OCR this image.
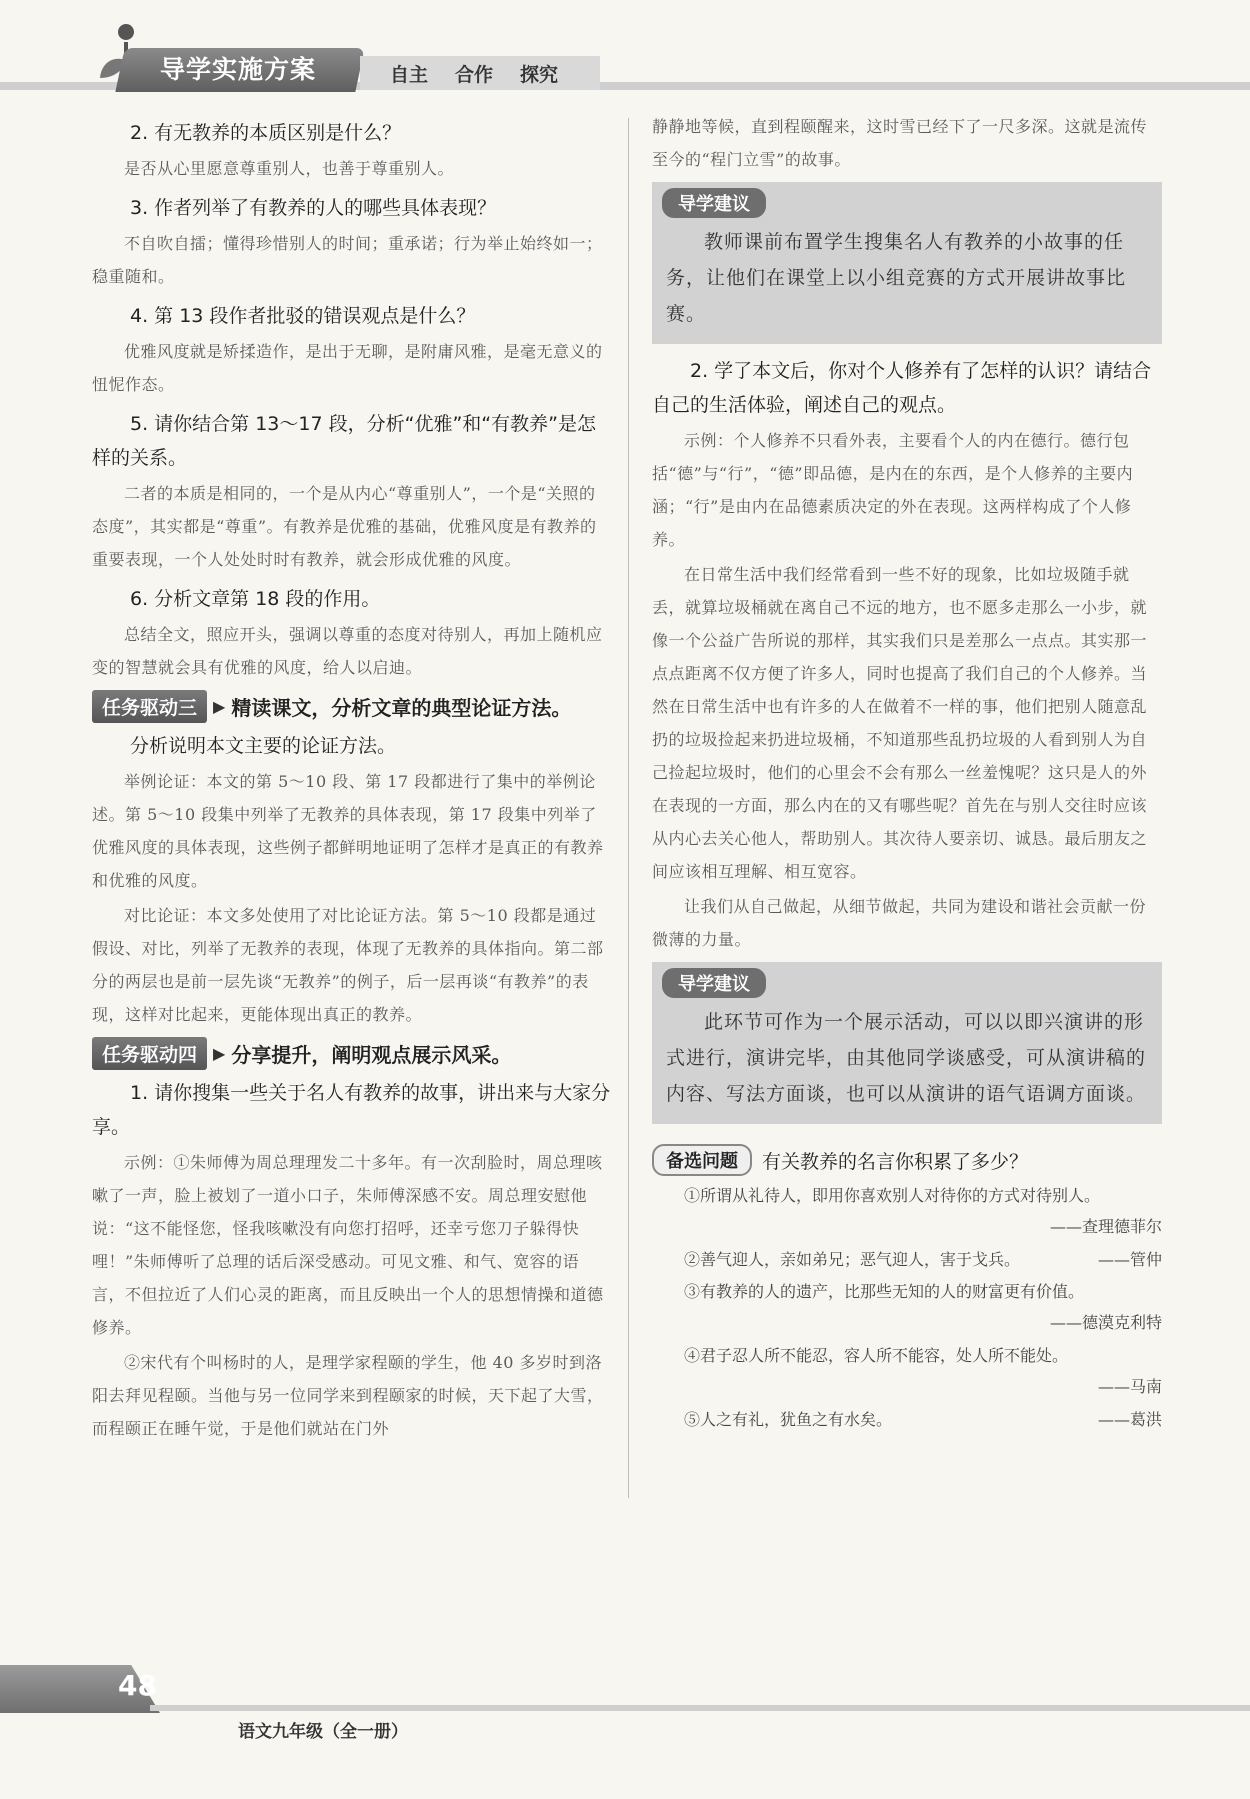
导学实施方案	自主 合作 探究

2. 有无教养的本质区别是什么？

是否从心里愿意尊重别人，也善于尊重别人。

3. 作者列举了有教养的人的哪些具体表现？

不自吹自擂；懂得珍惜别人的时间；重承诺；行为举止始终如一；稳重随和。

4. 第 13 段作者批驳的错误观点是什么？

优雅风度就是矫揉造作，是出于无聊，是附庸风雅，是毫无意义的忸怩作态。

5. 请你结合第 13～17 段，分析“优雅”和“有教养”是怎样的关系。

二者的本质是相同的，一个是从内心“尊重别人”，一个是“关照的态度”，其实都是“尊重”。有教养是优雅的基础，优雅风度是有教养的重要表现，一个人处处时时有教养，就会形成优雅的风度。

6. 分析文章第 18 段的作用。

总结全文，照应开头，强调以尊重的态度对待别人，再加上随机应变的智慧就会具有优雅的风度，给人以启迪。

任务驱动三	▶ 精读课文，分析文章的典型论证方法。

分析说明本文主要的论证方法。

举例论证：本文的第 5～10 段、第 17 段都进行了集中的举例论述。第 5～10 段集中列举了无教养的具体表现，第 17 段集中列举了优雅风度的具体表现，这些例子都鲜明地证明了怎样才是真正的有教养和优雅的风度。

对比论证：本文多处使用了对比论证方法。第 5～10 段都是通过假设、对比，列举了无教养的表现，体现了无教养的具体指向。第二部分的两层也是前一层先谈“无教养”的例子，后一层再谈“有教养”的表现，这样对比起来，更能体现出真正的教养。

任务驱动四	▶ 分享提升，阐明观点展示风采。

1. 请你搜集一些关于名人有教养的故事，讲出来与大家分享。

示例：①朱师傅为周总理理发二十多年。有一次刮脸时，周总理咳嗽了一声，脸上被划了一道小口子，朱师傅深感不安。周总理安慰他说：“这不能怪您，怪我咳嗽没有向您打招呼，还幸亏您刀子躲得快哩！”朱师傅听了总理的话后深受感动。可见文雅、和气、宽容的语言，不但拉近了人们心灵的距离，而且反映出一个人的思想情操和道德修养。

②宋代有个叫杨时的人，是理学家程颐的学生，他 40 多岁时到洛阳去拜见程颐。当他与另一位同学来到程颐家的时候，天下起了大雪，而程颐正在睡午觉，于是他们就站在门外

静静地等候，直到程颐醒来，这时雪已经下了一尺多深。这就是流传至今的“程门立雪”的故事。

导学建议

教师课前布置学生搜集名人有教养的小故事的任务，让他们在课堂上以小组竞赛的方式开展讲故事比赛。

2. 学了本文后，你对个人修养有了怎样的认识？请结合自己的生活体验，阐述自己的观点。

示例：个人修养不只看外表，主要看个人的内在德行。德行包括“德”与“行”，“德”即品德，是内在的东西，是个人修养的主要内涵；“行”是由内在品德素质决定的外在表现。这两样构成了个人修养。

在日常生活中我们经常看到一些不好的现象，比如垃圾随手就丢，就算垃圾桶就在离自己不远的地方，也不愿多走那么一小步，就像一个公益广告所说的那样，其实我们只是差那么一点点。其实那一点点距离不仅方便了许多人，同时也提高了我们自己的个人修养。当然在日常生活中也有许多的人在做着不一样的事，他们把别人随意乱扔的垃圾捡起来扔进垃圾桶，不知道那些乱扔垃圾的人看到别人为自己捡起垃圾时，他们的心里会不会有那么一丝羞愧呢？这只是人的外在表现的一方面，那么内在的又有哪些呢？首先在与别人交往时应该从内心去关心他人，帮助别人。其次待人要亲切、诚恳。最后朋友之间应该相互理解、相互宽容。

让我们从自己做起，从细节做起，共同为建设和谐社会贡献一份微薄的力量。

导学建议

此环节可作为一个展示活动，可以以即兴演讲的形式进行，演讲完毕，由其他同学谈感受，可从演讲稿的内容、写法方面谈，也可以从演讲的语气语调方面谈。

备选问题	有关教养的名言你积累了多少？

①所谓从礼待人，即用你喜欢别人对待你的方式对待别人。

——查理德菲尔

②善气迎人，亲如弟兄；恶气迎人，害于戈兵。	——管仲

③有教养的人的遗产，比那些无知的人的财富更有价值。

——德漠克利特

④君子忍人所不能忍，容人所不能容，处人所不能处。

——马南

⑤人之有礼，犹鱼之有水矣。	——葛洪
48
语文九年级（全一册）
